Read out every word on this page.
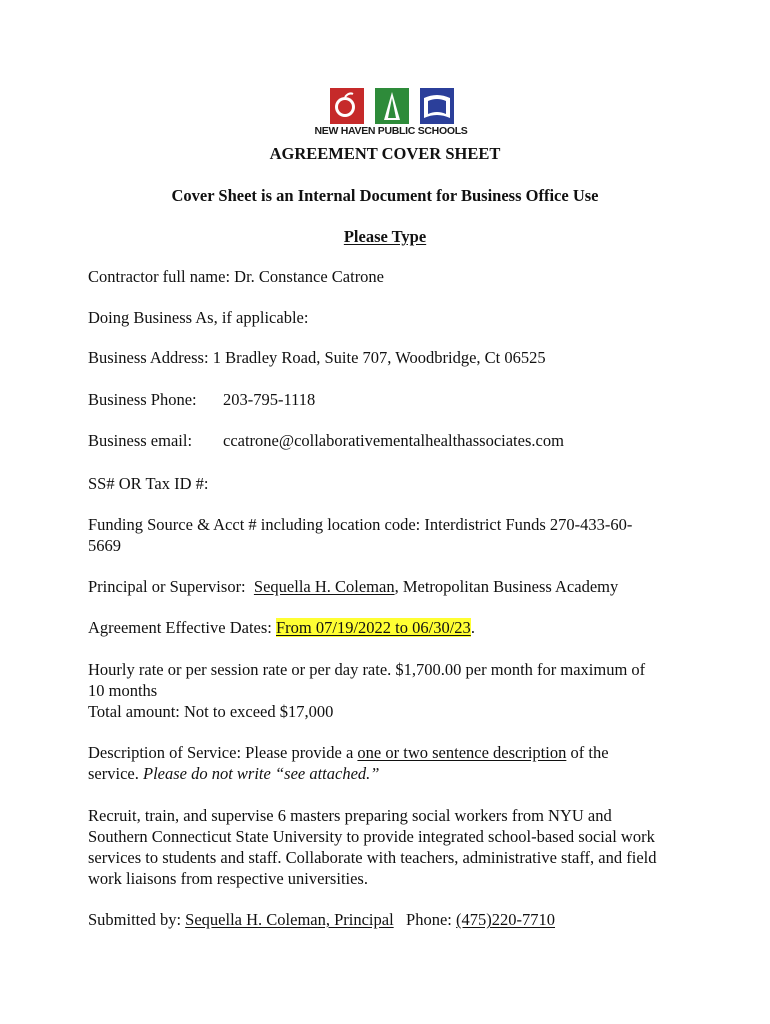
NEW HAVEN PUBLIC SCHOOLS
AGREEMENT COVER SHEET
Cover Sheet is an Internal Document for Business Office Use
Please Type
Contractor full name: Dr. Constance Catrone
Doing Business As, if applicable:
Business Address: 1 Bradley Road, Suite 707, Woodbridge, Ct 06525
Business Phone: 203-795-1118
Business email: ccatrone@collaborativementalhealthassociates.com
SS# OR Tax ID #:
Funding Source & Acct # including location code: Interdistrict Funds 270-433-60-
5669
Principal or Supervisor: Sequella H. Coleman, Metropolitan Business Academy
Agreement Effective Dates: From 07/19/2022 to 06/30/23.
Hourly rate or per session rate or per day rate. $1,700.00 per month for maximum of
10 months
Total amount: Not to exceed $17,000
Description of Service: Please provide a one or two sentence description of the
service. Please do not write “see attached.”
Recruit, train, and supervise 6 masters preparing social workers from NYU and
Southern Connecticut State University to provide integrated school-based social work
services to students and staff. Collaborate with teachers, administrative staff, and field
work liaisons from respective universities.
Submitted by: Sequella H. Coleman, Principal Phone: (475)220-7710
